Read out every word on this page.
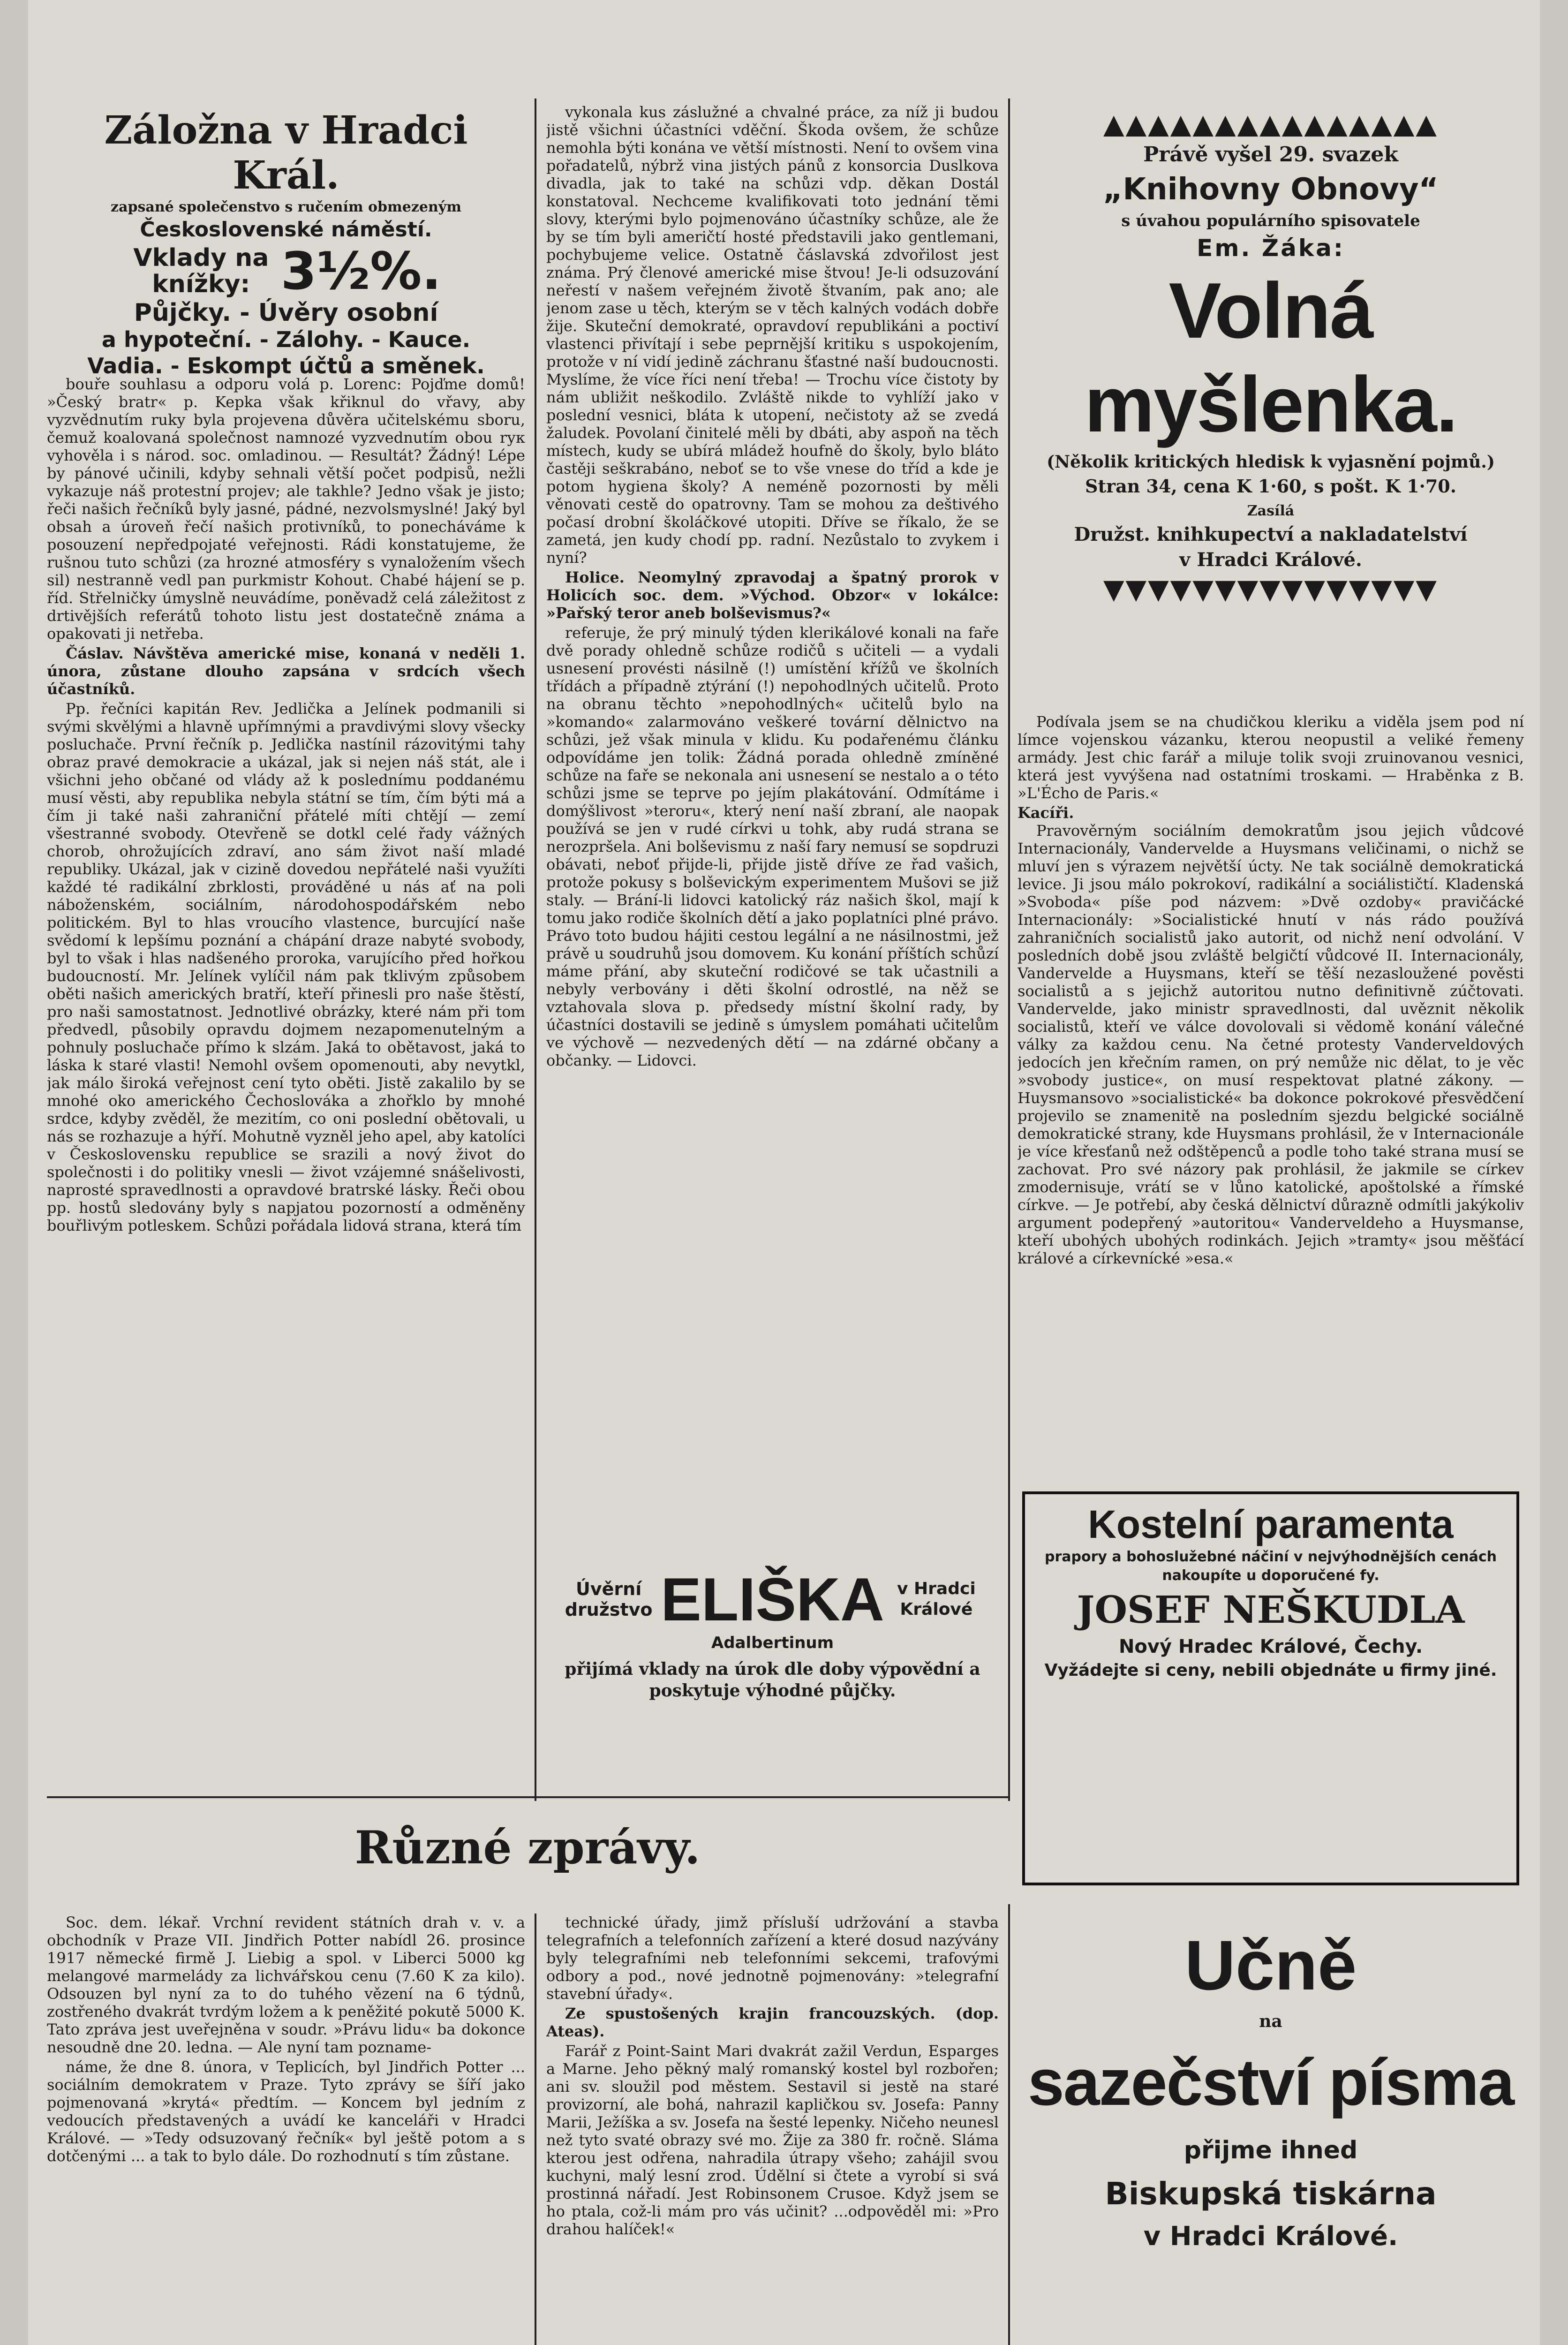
Záložna v Hradci Král.
zapsané společenstvo s ručením obmezeným
Československé náměstí.
Vklady na knížky: 3½%.
Půjčky. - Úvěry osobní
a hypoteční. - Zálohy. - Kauce.
Vadia. - Eskompt účtů a směnek.

bouře souhlasu a odporu volá p. Lorenc: Pojďme domů! »Český bratr« p. Kepka však křiknul do vřavy, aby vyzvědnutím ruky byla projevena důvěra učitelskému sboru, čemuž koalovaná společnost namnozé vyzvednutím obou rук vyhověla i s národ. soc. omladinou. — Resultát? Žádný! Lépe by pánové učinili, kdyby sehnali větší počet podpisů, nežli vykazuje náš protestní projev; ale takhle? Jedno však je jisto; řeči našich řečníků byly jasné, pádné, nezvolsmyslné! Jaký byl obsah a úroveň řečí našich protivníků, to ponecháváme k posouzení nepředpojaté veřejnosti. Rádi konstatujeme, že rušnou tuto schůzi (za hrozné atmosféry s vynaložením všech sil) nestranně vedl pan purkmistr Kohout. Chabé hájení se p. říd. Střelničky úmyslně neuvádíme, poněvadž celá záležitost z drtivějších referátů tohoto listu jest dostatečně známa a opakovati ji netřeba.

Čáslav. Návštěva americké mise, konaná v neděli 1. února, zůstane dlouho zapsána v srdcích všech účastníků.

Pp. řečníci kapitán Rev. Jedlička a Jelínek podmanili si svými skvělými a hlavně upřímnými a pravdivými slovy všecky posluchače. První řečník p. Jedlička nastínil rázovitými tahy obraz pravé demokracie a ukázal, jak si nejen náš stát, ale i všichni jeho občané od vlády až k poslednímu poddanému musí věsti, aby republika nebyla státní se tím, čím býti má a čím ji také naši zahraniční přátelé míti chtějí — zemí všestranné svobody. Otevřeně se dotkl celé řady vážných chorob, ohrožujících zdraví, ano sám život naší mladé republiky. Ukázal, jak v cizině dovedou nepřátelé naši využíti každé té radikální zbrklosti, prováděné u nás ať na poli náboženském, sociálním, národohospodářském nebo politickém. Byl to hlas vroucího vlastence, burcující naše svědomí k lepšímu poznání a chápání draze nabyté svobody, byl to však i hlas nadšeného proroka, varujícího před hořkou budoucností. Mr. Jelínek vylíčil nám pak tklivým způsobem oběti našich amerických bratří, kteří přinesli pro naše štěstí, pro naši samostatnost. Jednotlivé obrázky, které nám při tom předvedl, působily opravdu dojmem nezapomenutelným a pohnuly posluchače přímo k slzám. Jaká to obětavost, jaká to láska k staré vlasti! Nemohl ovšem opomenouti, aby nevytkl, jak málo široká veřejnost cení tyto oběti. Jistě zakalilo by se mnohé oko amerického Čechoslováka a zhořklo by mnohé srdce, kdyby zvěděl, že mezitím, co oni poslední obětovali, u nás se rozhazuje a hýří. Mohutně vyzněl jeho apel, aby katolíci v Československu republice se srazili a nový život do společnosti i do politiky vnesli — život vzájemné snášelivosti, naprosté spravedlnosti a opravdové bratrské lásky. Řeči obou pp. hostů sledovány byly s napjatou pozorností a odměněny bouřlivým potleskem. Schůzi pořádala lidová strana, která tím

vykonala kus záslužné a chvalné práce, za níž ji budou jistě všichni účastníci vděční. Škoda ovšem, že schůze nemohla býti konána ve větší místnosti. Není to ovšem vina pořadatelů, nýbrž vina jistých pánů z konsorcia Duslkova divadla, jak to také na schůzi vdp. děkan Dostál konstatoval. Nechceme kvalifikovati toto jednání těmi slovy, kterými bylo pojmenováno účastníky schůze, ale že by se tím byli američtí hosté představili jako gentlemani, pochybujeme velice. Ostatně čáslavská zdvořilost jest známa. Prý členové americké mise štvou! Je-li odsuzování neřestí v našem veřejném životě štvaním, pak ano; ale jenom zase u těch, kterým se v těch kalných vodách dobře žije. Skuteční demokraté, opravdoví republikáni a poctiví vlastenci přivítají i sebe peprnější kritiku s uspokojením, protože v ní vidí jedině záchranu šťastné naší budoucnosti. Myslíme, že více říci není třeba! — Trochu více čistoty by nám ubližit neškodilo. Zvláště nikde to vyhlíží jako v poslední vesnici, bláta k utopení, nečistoty až se zvedá žaludek. Povolaní činitelé měli by dbáti, aby aspoň na těch místech, kudy se ubírá mládež houfně do školy, bylo bláto častěji seškrabáno, neboť se to vše vnese do tříd a kde je potom hygiena školy? A neméně pozornosti by měli věnovati cestě do opatrovny. Tam se mohou za deštivého počasí drobní školáčkové utopiti. Dříve se říkalo, že se zametá, jen kudy chodí pp. radní. Nezůstalo to zvykem i nyní?

Holice. Neomylný zpravodaj a špatný prorok v Holicích soc. dem. »Východ. Obzor« v lokálce: »Pařský teror aneb bolševismus?«

referuje, že prý minulý týden klerikálové konali na faře dvě porady ohledně schůze rodičů s učiteli — a vydali usnesení provésti násilně (!) umístění křížů ve školních třídách a případně ztýrání (!) nepohodlných učitelů. Proto na obranu těchto »nepohodlných« učitelů bylo na »komando« zalarmováno veškeré tovární dělnictvo na schůzi, jež však minula v klidu. Ku podařenému článku odpovídáme jen tolik: Žádná porada ohledně zmíněné schůze na faře se nekonala ani usnesení se nestalo a o této schůzi jsme se teprve po jejím plakátování. Odmítáme i domýšlivost »teroru«, který není naší zbraní, ale naopak používá se jen v rudé církvi u tohk, aby rudá strana se nerozpršela. Ani bolševismu z naší fary nemusí se sopdruzi obávati, neboť přijde-li, přijde jistě dříve ze řad vašich, protože pokusy s bolševickým experimentem Mušovi se již staly. — Brání-li lidovci katolický ráz našich škol, mají k tomu jako rodiče školních dětí a jako poplatníci plné právo. Právo toto budou hájiti cestou legální a ne násilnostmi, jež právě u soudruhů jsou domovem. Ku konání příštích schůzí máme přání, aby skuteční rodičové se tak učastnili a nebyly verbovány i děti školní odrostlé, na něž se vztahovala slova p. předsedy místní školní rady, by účastníci dostavili se jedině s úmyslem pomáhati učitelům ve výchově — nezvedených dětí — na zdárné občany a občanky. — Lidovci.

Úvěrní družstvo ELIŠKA v Hradci Králové
Adalbertinum
přijímá vklady na úrok dle doby výpovědní a poskytuje výhodné půjčky.
▲▲▲▲▲▲▲▲▲▲▲▲▲▲▲
Právě vyšel 29. svazek
„Knihovny Obnovy“
s úvahou populárního spisovatele
Em. Žáka:
Volná myšlenka.
(Několik kritických hledisk k vyjasnění pojmů.)
Stran 34, cena K 1·60, s pošt. K 1·70.
Zasílá
Družst. knihkupectví a nakladatelství
v Hradci Králové.
▼▼▼▼▼▼▼▼▼▼▼▼▼▼▼

Podívala jsem se na chudičkou kleriku a viděla jsem pod ní límce vojenskou vázanku, kterou neopustil a veliké řemeny armády. Jest chic farář a miluje tolik svoji zruinovanou vesnici, která jest vyvýšena nad ostatními troskami. — Hraběnka z B. »L'Écho de Paris.«

Kacíři.

Pravověrným sociálním demokratům jsou jejich vůdcové Internacionály, Vandervelde a Huysmans veličinami, o nichž se mluví jen s výrazem největší úcty. Ne tak sociálně demokratická levice. Ji jsou málo pokrokoví, radikální a sociálističtí. Kladenská »Svoboda« píše pod názvem: »Dvě ozdoby« pravičácké Internacionály: »Socialistické hnutí v nás rádo používá zahraničních socialistů jako autorit, od nichž není odvolání. V posledních době jsou zvláště belgičtí vůdcové II. Internacionály, Vandervelde a Huysmans, kteří se těší nezasloužené pověsti socialistů a s jejichž autoritou nutno definitivně zúčtovati. Vandervelde, jako ministr spravedlnosti, dal uvěznit několik socialistů, kteří ve válce dovolovali si vědomě konání válečné války za každou cenu. Na četné protesty Vanderveldových jedocích jen křečním ramen, on prý nemůže nic dělat, to je věc »svobody justice«, on musí respektovat platné zákony. — Huysmansovo »socialistické« ba dokonce pokrokové přesvědčení projevilo se znamenitě na posledním sjezdu belgické sociálně demokratické strany, kde Huysmans prohlásil, že v Internacionále je více křesťanů než odštěpenců a podle toho také strana musí se zachovat. Pro své názory pak prohlásil, že jakmile se církev zmodernisuje, vrátí se v lůno katolické, apoštolské a římské církve. — Je potřebí, aby česká dělnictví důrazně odmítli jakýkoliv argument podepřený »autoritou« Vanderveldeho a Huysmanse, kteří ubohých ubohých rodinkách. Jejich »tramty« jsou měšťácí králové a církevnícké »esa.«

Kostelní paramenta
prapory a bohoslužebné náčiní v nejvýhodnějších cenách nakoupíte u doporučené fy.
JOSEF NEŠKUDLA
Nový Hradec Králové, Čechy.
Vyžádejte si ceny, nebili objednáte u firmy jiné.
Různé zprávy.

Soc. dem. lékař. Vrchní revident státních drah v. v. a obchodník v Praze VII. Jindřich Potter nabídl 26. prosince 1917 německé firmě J. Liebig a spol. v Liberci 5000 kg melangové marmelády za lichvářskou cenu (7.60 K za kilo). Odsouzen byl nyní za to do tuhého vězení na 6 týdnů, zostřeného dvakrát tvrdým ložem a k peněžité pokutě 5000 K. Tato zpráva jest uveřejněna v soudr. »Právu lidu« ba dokonce nesoudně dne 20. ledna. — Ale nyní tam pozname-

náme, že dne 8. února, v Teplicích, byl Jindřich Potter ... sociálním demokratem v Praze. Tyto zprávy se šíří jako pojmenovaná »krytá« předtím. — Koncem byl jedním z vedoucích představených a uvádí ke kanceláři v Hradci Králové. — »Tedy odsuzovaný řečník« byl ještě potom a s dotčenými ... a tak to bylo dále. Do rozhodnutí s tím zůstane.

technické úřady, jimž přísluší udržování a stavba telegrafních a telefonních zařízení a které dosud nazývány byly telegrafními neb telefonními sekcemi, trafovými odbory a pod., nové jednotně pojmenovány: »telegrafní stavební úřady«.

Ze spustošených krajin francouzských. (dop. Ateas).

Farář z Point-Saint Mari dvakrát zažil Verdun, Esparges a Marne. Jeho pěkný malý romanský kostel byl rozbořen; ani sv. sloužil pod městem. Sestavil si jestě na staré provizorní, ale bohá, nahrazil kapličkou sv. Josefa: Panny Marii, Ježíška a sv. Josefa na šesté lepenky. Ničeho neunesl než tyto svaté obrazy své mo. Žije za 380 fr. ročně. Sláma kterou jest odřena, nahradila útrapy všeho; zahájil svou kuchyni, malý lesní zrod. Údělní si čtete a vyrobí si svá prostinná nářadí. Jest Robinsonem Crusoe. Když jsem se ho ptala, což-li mám pro vás učinit? ...odpověděl mi: »Pro drahou halíček!«

Učně
na
sazečství písma
přijme ihned
Biskupská tiskárna
v Hradci Králové.
